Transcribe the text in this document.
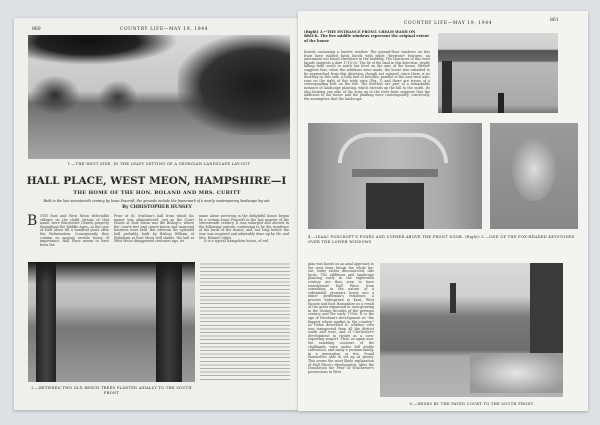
860	COUNTRY LIFE—MAY 19, 1944
1.—THE WEST SIDE, IN THE LEAFY SETTING OF A GEORGIAN LANDSCAPE LAY-OUT
HALL PLACE, WEST MEON, HAMPSHIRE—I
THE HOME OF THE HON. ROLAND AND MRS. CUBITT
Built in the late seventeenth century by Isaac Foxcroft, the grounds include the framework of a nearly contemporary landscape lay-out
By CHRISTOPHER HUSSEY
B OTH East and West Meon delectable villages on the chalk stream of that name, were Winchester Church property throughout the Middle Ages—in the case of East Meon till a hundred years after the Reformation. Consequently they contain no ancient secular house of importance. Hall Place seems to have been the
Prior of St. Swithun's hall from which his manor was administered, just as the Court House at East Meon was the Bishop's, where the courts-leet and courts-baron and manorial business were held. But whereas the splendid hall probably built by Bishop William of Wykeham at East Meon still stands, the hall at West Meon disappeared centuries ago, its
name alone surviving in the delightful house begun by a certain Isaac Foxcroft in the last quarter of the seventeenth century. It was enlarged and altered in the following century, continuing to be the residence of the lords of the manor, and, not long before the war, was acquired and admirably done up by Mr. and Mrs. Roland Cubitt.
It is a typical Hampshire house, of red
2.—BETWEEN TWO OLD BEECH TREES PLANTED AXIALLY TO THE SOUTH FRONT
COUNTRY LIFE—MAY 19, 1944
861
(Right) 3.—THE ENTRANCE FRONT. CREAM WASH ON BRICK. The five middle windows represent the original extent of the house
boards containing a lunette window. The ground-floor windows on this front have rubbed brick lintels with triple "keystone" features, an adornment not found elsewhere in the building. The character of this west façade suggests a date 1710-20. The lie of the land in this direction, gently falling from south to north but level on the axis of the house, further suggests that, when the additions were made, the house was intended to be approached from this direction, though not entered, since there is no doorway on this side. A lofty belt of beeches, parallel to the east-west axis, runs on the right of this wide vista (Fig. 1) and there are traces of a corresponding belt on the left. The beeches are part of a remarkable instance of landscape planting, which extends up the hill to the south. Its also forming one side of the vista up to the west front suggests that the additions to the house and the planting were contemporary; conversely, the assumption that the landscape
4.—ISAAC FOXCROFT'S FOXES AND CYPHER ABOVE THE FRONT DOOR. (Right) 5.—ONE OF THE FOX-HEADED KEYSTONES OVER THE LOWER WINDOWS
plan was based on an axial approach to the west front brings the whole lay-out, today rather disconnected, into focus. The additions and landscape planting early in the eighteenth century are thus seen to have transformed Hall Place from something in the nature of a substantial yeoman's house into a minor gentleman's residence, a process widespread in Kent, West Sussex and East Hampshire as a result of the great expansion in corn-growing in the closing decades of the previous century and the early 1700s. It is the age of Farnham's development as "the biggest wheat market in the country," as Defoe described it, whither corn was transported from all the district south and west; and of Chichester's development in rivalry as a corn-exporting seaport. Then, as again now, the rambling contours of the chalklands were under full arable cultivation, and many a yeoman family, in a generation or two, found themselves able to set up as gentry. This seems the most likely explanation of Hall Place's development. After the Dissolution the Prior of Winchester's possessions in West
6.—IRISES BY THE PAVED COURT TO THE SOUTH FRONT
